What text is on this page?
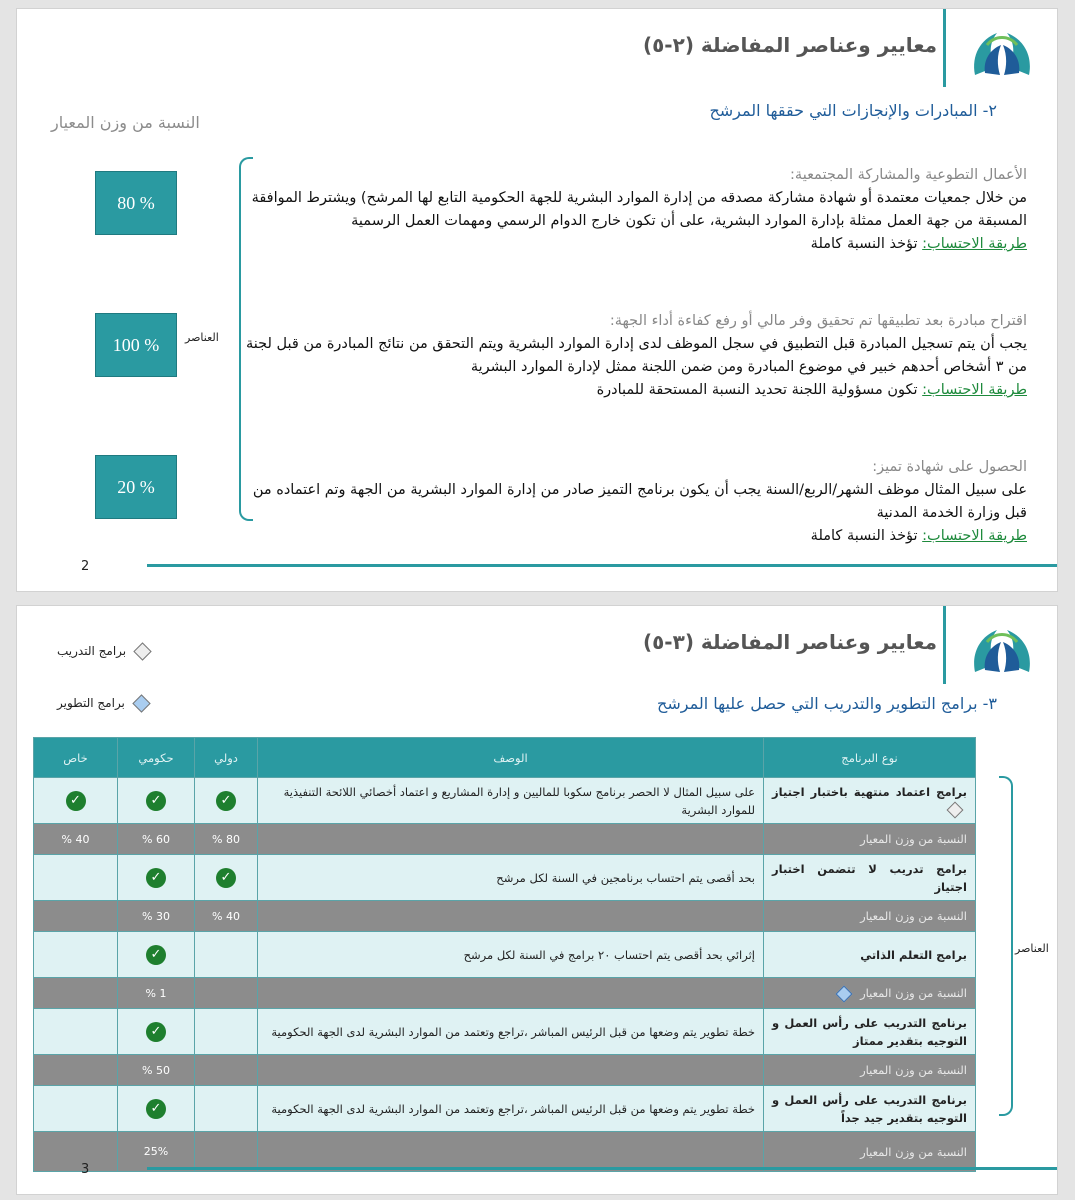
معايير وعناصر المفاضلة (٢-٥)
٢- المبادرات والإنجازات التي حققها المرشح
النسبة من وزن المعيار
80
%
100
%
20
%
العناصر
الأعمال التطوعية والمشاركة المجتمعية:
من خلال جمعيات معتمدة أو شهادة مشاركة مصدقه من إدارة الموارد البشرية للجهة الحكومية التابع لها المرشح) ويشترط الموافقة المسبقة من جهة العمل ممثلة بإدارة الموارد البشرية، على أن تكون خارج الدوام الرسمي ومهمات العمل الرسمية
طريقة الاحتساب: تؤخذ النسبة كاملة
اقتراح مبادرة بعد تطبيقها تم تحقيق وفر مالي أو رفع كفاءة أداء الجهة:
يجب أن يتم تسجيل المبادرة قبل التطبيق في سجل الموظف لدى إدارة الموارد البشرية ويتم التحقق من نتائج المبادرة من قبل لجنة من ٣ أشخاص أحدهم خبير في موضوع المبادرة ومن ضمن اللجنة ممثل لإدارة الموارد البشرية
طريقة الاحتساب: تكون مسؤولية اللجنة تحديد النسبة المستحقة للمبادرة
الحصول على شهادة تميز:
على سبيل المثال موظف الشهر/الربع/السنة يجب أن يكون برنامج التميز صادر من إدارة الموارد البشرية من الجهة وتم اعتماده من قبل وزارة الخدمة المدنية
طريقة الاحتساب: تؤخذ النسبة كاملة
2
معايير وعناصر المفاضلة (٣-٥)
٣- برامج التطوير والتدريب التي حصل عليها المرشح
برامج التدريب
برامج التطوير
نوع البرنامج	الوصف	دولي	حكومي	خاص
برامج اعتماد منتهية باختبار اجتياز	على سبيل المثال لا الحصر برنامج سكوبا للماليين و إدارة المشاريع و اعتماد أخصائي اللائحة التنفيذية للموارد البشرية	✓	✓	✓
النسبة من وزن المعيار		80 %	60 %	40 %
برامج تدريب لا تتضمن اختبار اجتياز	بحد أقصى يتم احتساب برنامجين في السنة لكل مرشح	✓	✓	
النسبة من وزن المعيار		40 %	30 %	
برامج التعلم الذاتي	إثرائي بحد أقصى يتم احتساب ٢٠ برامج في السنة لكل مرشح		✓	
النسبة من وزن المعيار			1 %	
برنامج التدريب على رأس العمل و التوجيه بتقدير ممتاز	خطة تطوير يتم وضعها من قبل الرئيس المباشر ،تراجع وتعتمد من الموارد البشرية لدى الجهة الحكومية		✓	
النسبة من وزن المعيار			50 %	
برنامج التدريب على رأس العمل و التوجيه بتقدير جيد جداً	خطة تطوير يتم وضعها من قبل الرئيس المباشر ،تراجع وتعتمد من الموارد البشرية لدى الجهة الحكومية		✓	
النسبة من وزن المعيار			25%	
العناصر
3
